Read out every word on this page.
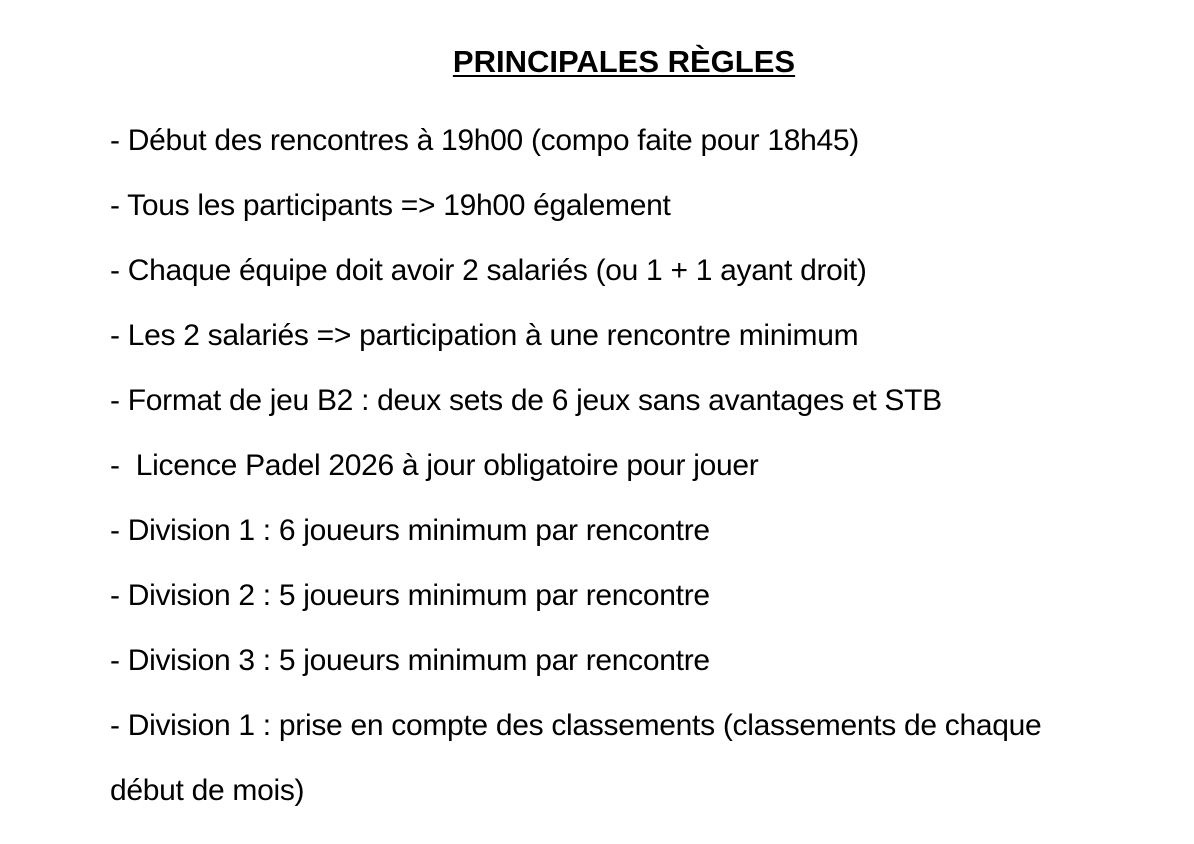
PRINCIPALES RÈGLES
- Début des rencontres à 19h00 (compo faite pour 18h45)
- Tous les participants => 19h00 également
- Chaque équipe doit avoir 2 salariés (ou 1 + 1 ayant droit)
- Les 2 salariés => participation à une rencontre minimum
- Format de jeu B2 : deux sets de 6 jeux sans avantages et STB
-  Licence Padel 2026 à jour obligatoire pour jouer
- Division 1 : 6 joueurs minimum par rencontre
- Division 2 : 5 joueurs minimum par rencontre
- Division 3 : 5 joueurs minimum par rencontre
- Division 1 : prise en compte des classements (classements de chaque début de mois)
